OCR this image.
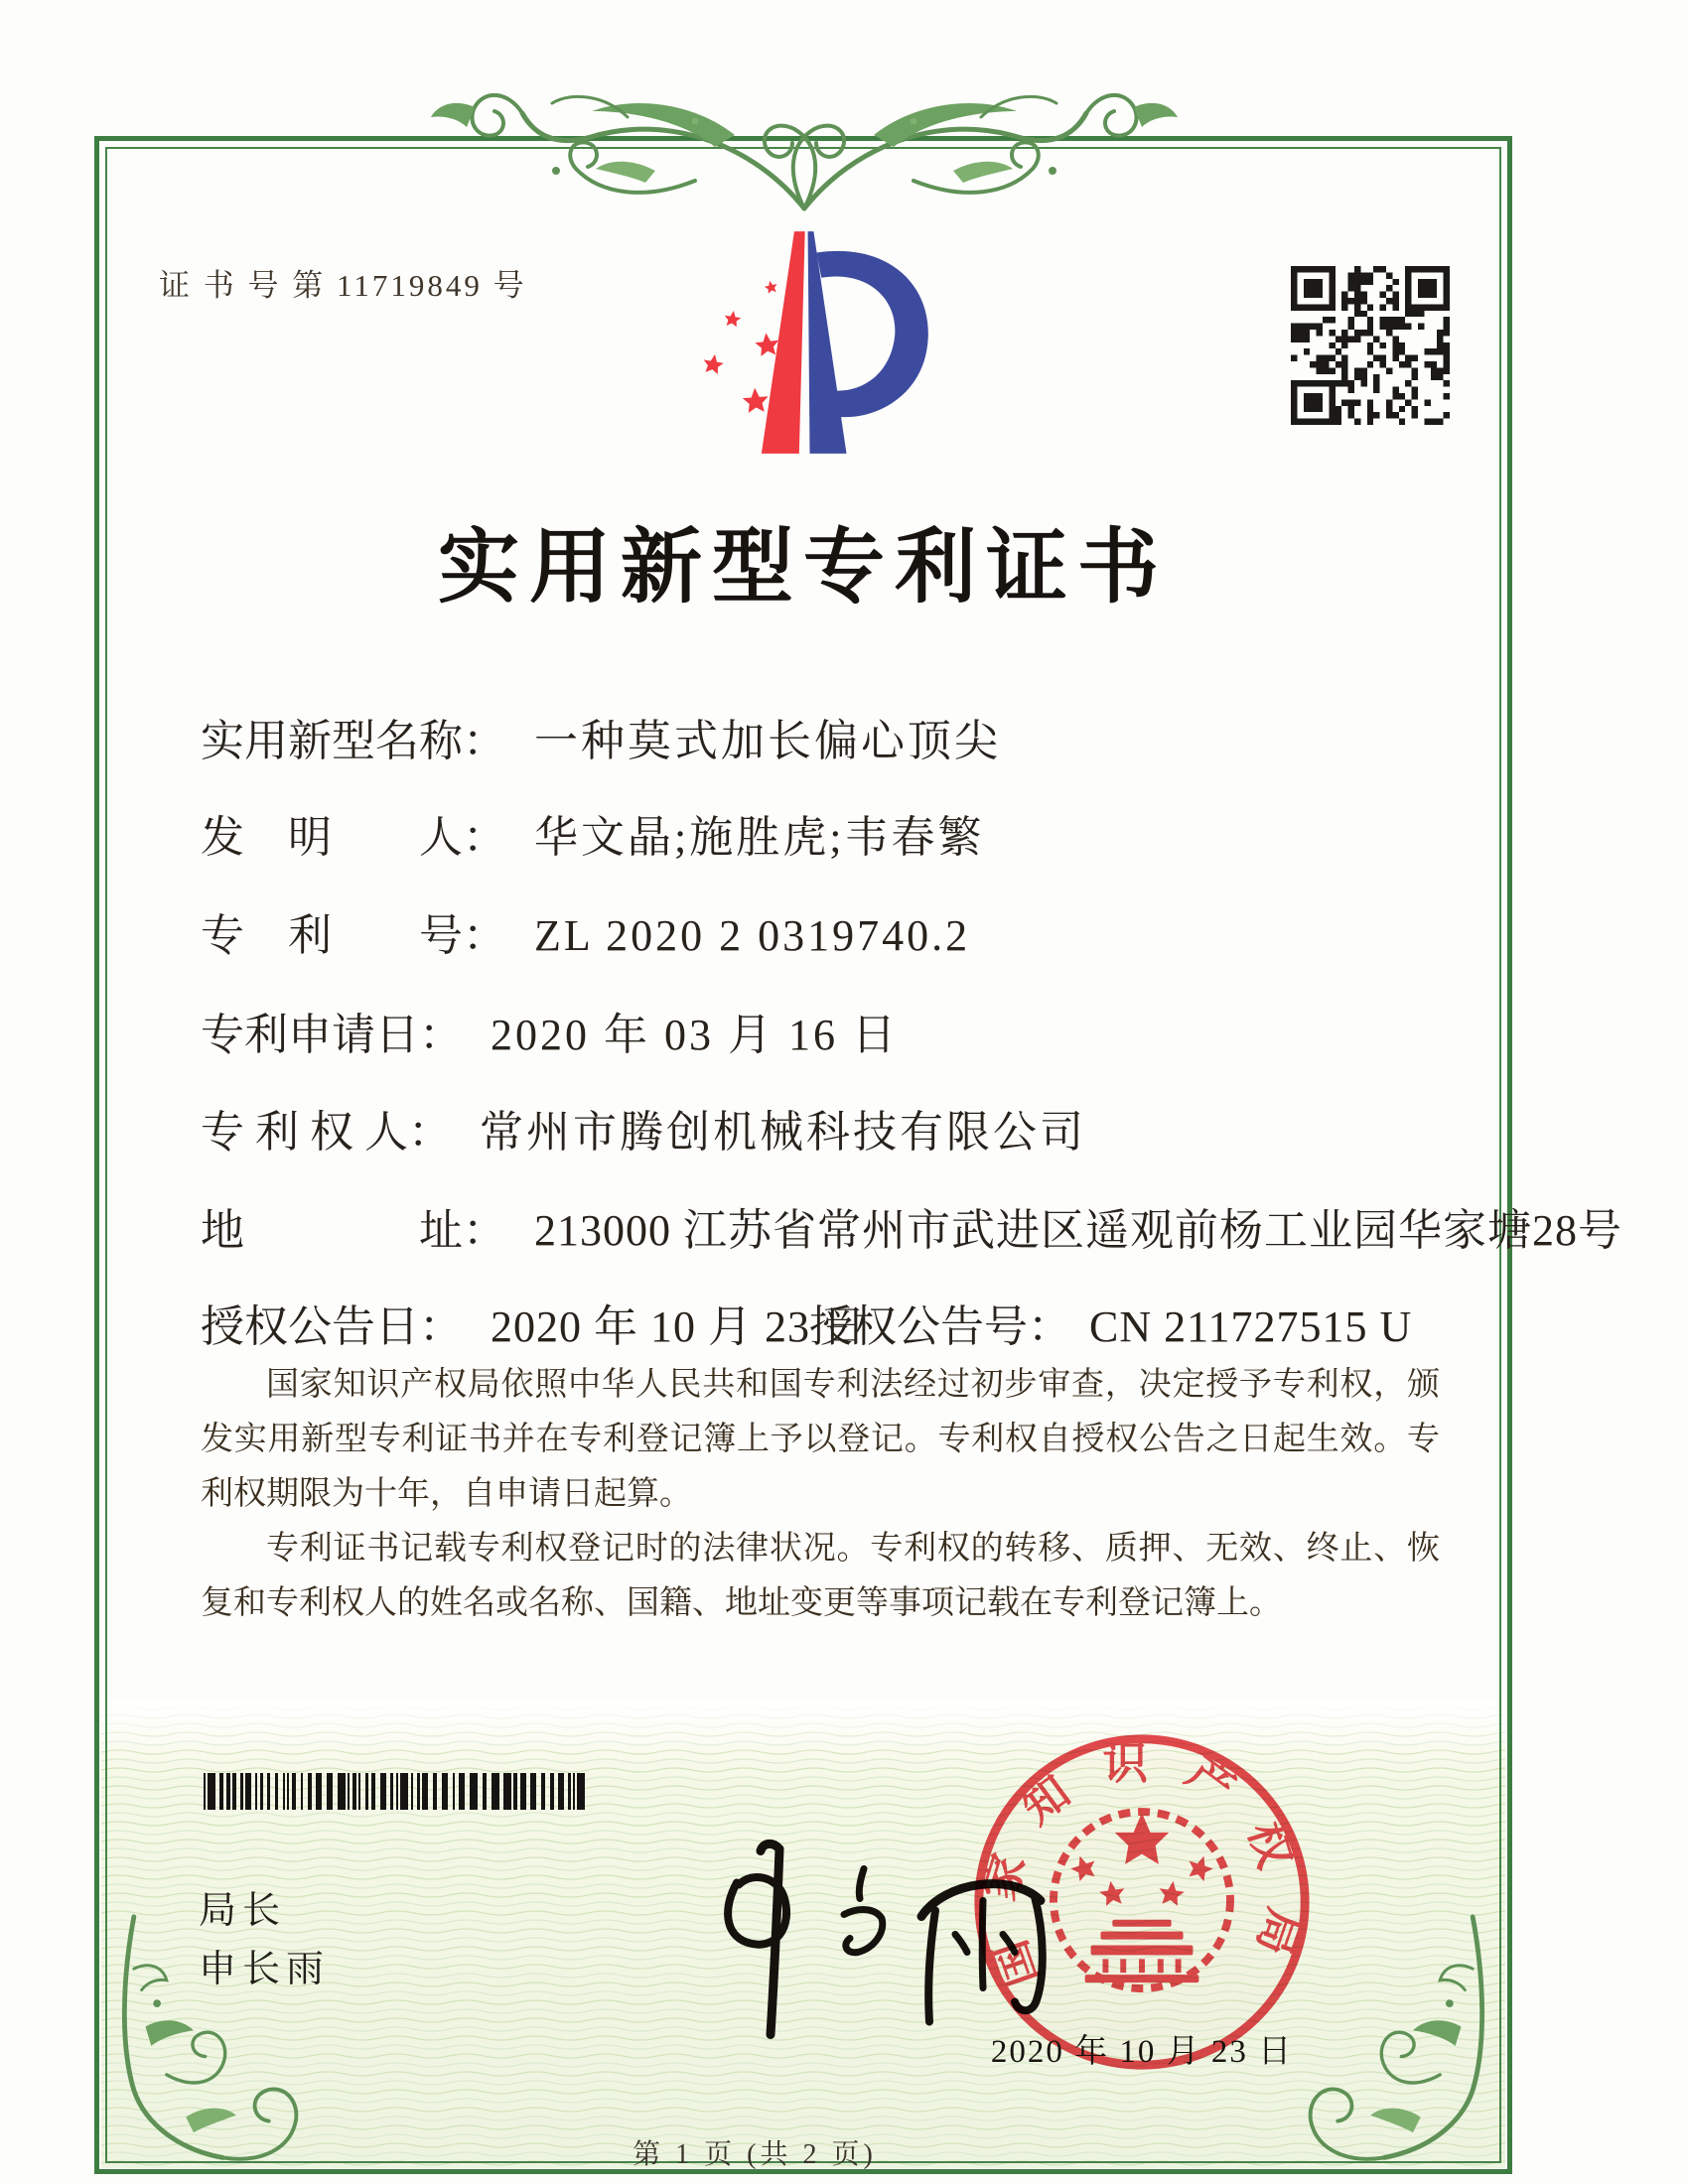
证 书 号 第 11719849 号
实用新型专利证书
实用新型名称： 一种莫式加长偏心顶尖
发　明　　人： 华文晶;施胜虎;韦春繁
专　利　　号： ZL 2020 2 0319740.2
专利申请日： 2020 年 03 月 16 日
专 利 权 人： 常州市腾创机械科技有限公司
地　　　　址： 213000 江苏省常州市武进区遥观前杨工业园华家塘28号
授权公告日： 2020 年 10 月 23 日
授权公告号： CN 211727515 U

国家知识产权局依照中华人民共和国专利法经过初步审查，决定授予专利权，颁发实用新型专利证书并在专利登记簿上予以登记。专利权自授权公告之日起生效。专利权期限为十年，自申请日起算。

专利证书记载专利权登记时的法律状况。专利权的转移、质押、无效、终止、恢复和专利权人的姓名或名称、国籍、地址变更等事项记载在专利登记簿上。

局长
申长雨	国家知识产权局
2020 年 10 月 23 日
第 1 页 (共 2 页)
